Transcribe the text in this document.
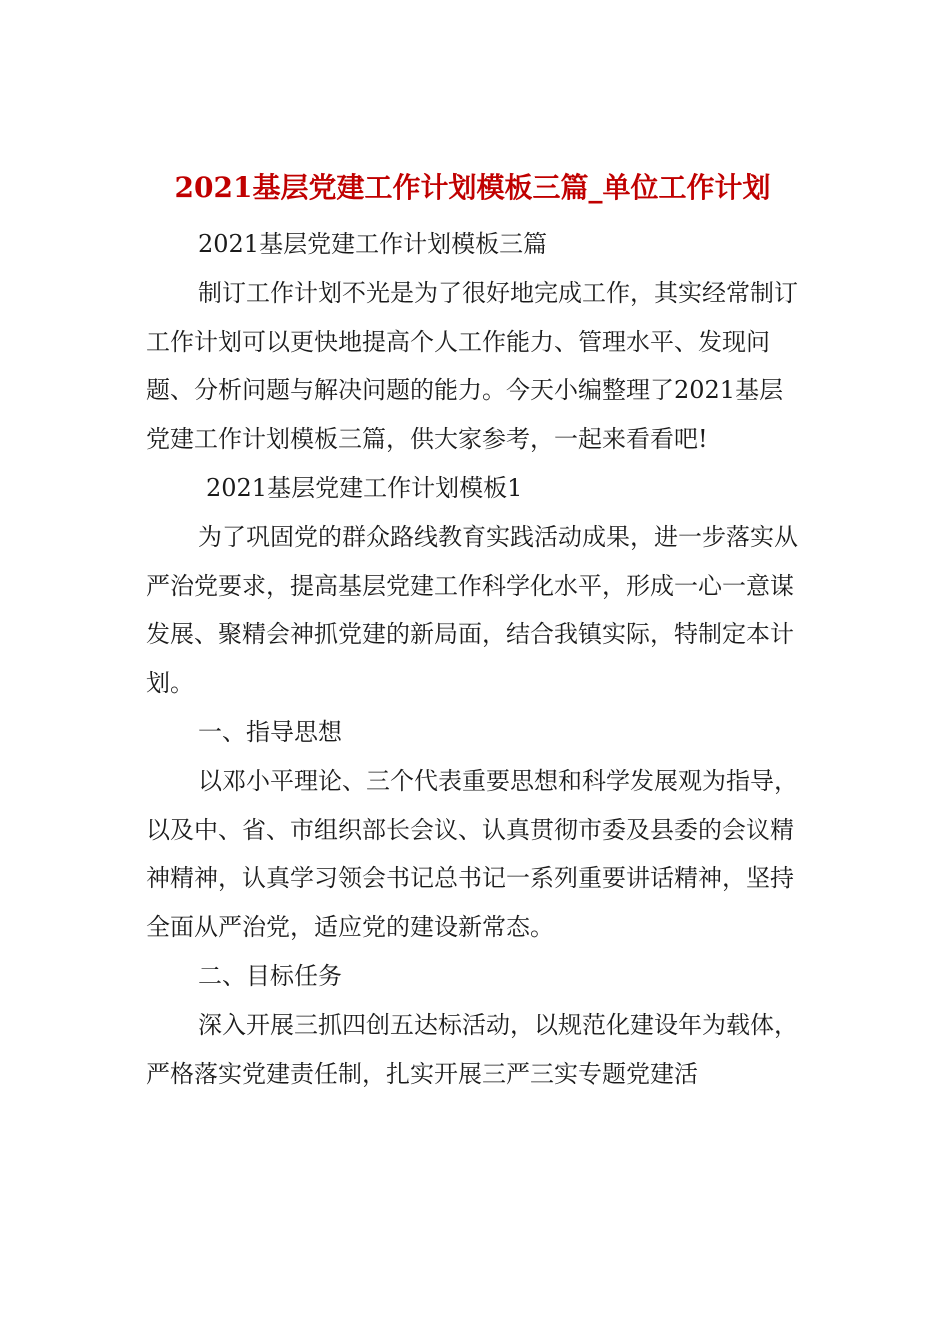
2021基层党建工作计划模板三篇_单位工作计划

2021基层党建工作计划模板三篇

制订工作计划不光是为了很好地完成工作，其实经常制订工作计划可以更快地提高个人工作能力、管理水平、发现问题、分析问题与解决问题的能力。今天小编整理了2021基层党建工作计划模板三篇，供大家参考，一起来看看吧!

2021基层党建工作计划模板1

为了巩固党的群众路线教育实践活动成果，进一步落实从严治党要求，提高基层党建工作科学化水平，形成一心一意谋发展、聚精会神抓党建的新局面，结合我镇实际，特制定本计划。

一、指导思想

以邓小平理论、三个代表重要思想和科学发展观为指导，以及中、省、市组织部长会议、认真贯彻市委及县委的会议精神精神，认真学习领会书记总书记一系列重要讲话精神，坚持全面从严治党，适应党的建设新常态。

二、目标任务

深入开展三抓四创五达标活动，以规范化建设年为载体，严格落实党建责任制，扎实开展三严三实专题党建活
